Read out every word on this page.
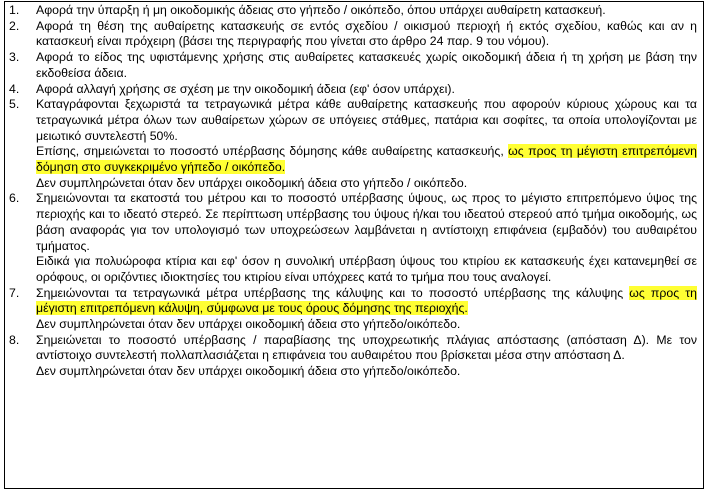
1.	Αφορά την ύπαρξη ή μη οικοδομικής άδειας στο γήπεδο / οικόπεδο, όπου υπάρχει αυθαίρετη κατασκευή.

2.	Αφορά τη θέση της αυθαίρετης κατασκευής σε εντός σχεδίου / οικισμού περιοχή ή εκτός σχεδίου, καθώς και αν η κατασκευή είναι πρόχειρη (βάσει της περιγραφής που γίνεται στο άρθρο 24 παρ. 9 του νόμου).

3.	Αφορά το είδος της υφιστάμενης χρήσης στις αυθαίρετες κατασκευές χωρίς οικοδομική άδεια ή τη χρήση με βάση την εκδοθείσα άδεια.

4.	Αφορά αλλαγή χρήσης σε σχέση με την οικοδομική άδεια (εφ' όσον υπάρχει).

5.	Καταγράφονται ξεχωριστά τα τετραγωνικά μέτρα κάθε αυθαίρετης κατασκευής που αφορούν κύριους χώρους και τα τετραγωνικά μέτρα όλων των αυθαίρετων χώρων σε υπόγειες στάθμες, πατάρια και σοφίτες, τα οποία υπολογίζονται με μειωτικό συντελεστή 50%.

Επίσης, σημειώνεται το ποσοστό υπέρβασης δόμησης κάθε αυθαίρετης κατασκευής, ως προς τη μέγιστη επιτρεπόμενη δόμηση στο συγκεκριμένο γήπεδο / οικόπεδο.

Δεν συμπληρώνεται όταν δεν υπάρχει οικοδομική άδεια στο γήπεδο / οικόπεδο.

6.	Σημειώνονται τα εκατοστά του μέτρου και το ποσοστό υπέρβασης ύψους, ως προς το μέγιστο επιτρεπόμενο ύψος της περιοχής και το ιδεατό στερεό. Σε περίπτωση υπέρβασης του ύψους ή/και του ιδεατού στερεού από τμήμα οικοδομής, ως βάση αναφοράς για τον υπολογισμό των υποχρεώσεων λαμβάνεται η αντίστοιχη επιφάνεια (εμβαδόν) του αυθαιρέτου τμήματος.

Ειδικά για πολυώροφα κτίρια και εφ' όσον η συνολική υπέρβαση ύψους του κτιρίου εκ κατασκευής έχει κατανεμηθεί σε ορόφους, οι οριζόντιες ιδιοκτησίες του κτιρίου είναι υπόχρεες κατά το τμήμα που τους αναλογεί.

7.	Σημειώνονται τα τετραγωνικά μέτρα υπέρβασης της κάλυψης και το ποσοστό υπέρβασης της κάλυψης ως προς τη μέγιστη επιτρεπόμενη κάλυψη, σύμφωνα με τους όρους δόμησης της περιοχής.

Δεν συμπληρώνεται όταν δεν υπάρχει οικοδομική άδεια στο γήπεδο/οικόπεδο.

8.	Σημειώνεται το ποσοστό υπέρβασης / παραβίασης της υποχρεωτικής πλάγιας απόστασης (απόσταση Δ). Με τον αντίστοιχο συντελεστή πολλαπλασιάζεται η επιφάνεια του αυθαιρέτου που βρίσκεται μέσα στην απόσταση Δ.

Δεν συμπληρώνεται όταν δεν υπάρχει οικοδομική άδεια στο γήπεδο/οικόπεδο.
